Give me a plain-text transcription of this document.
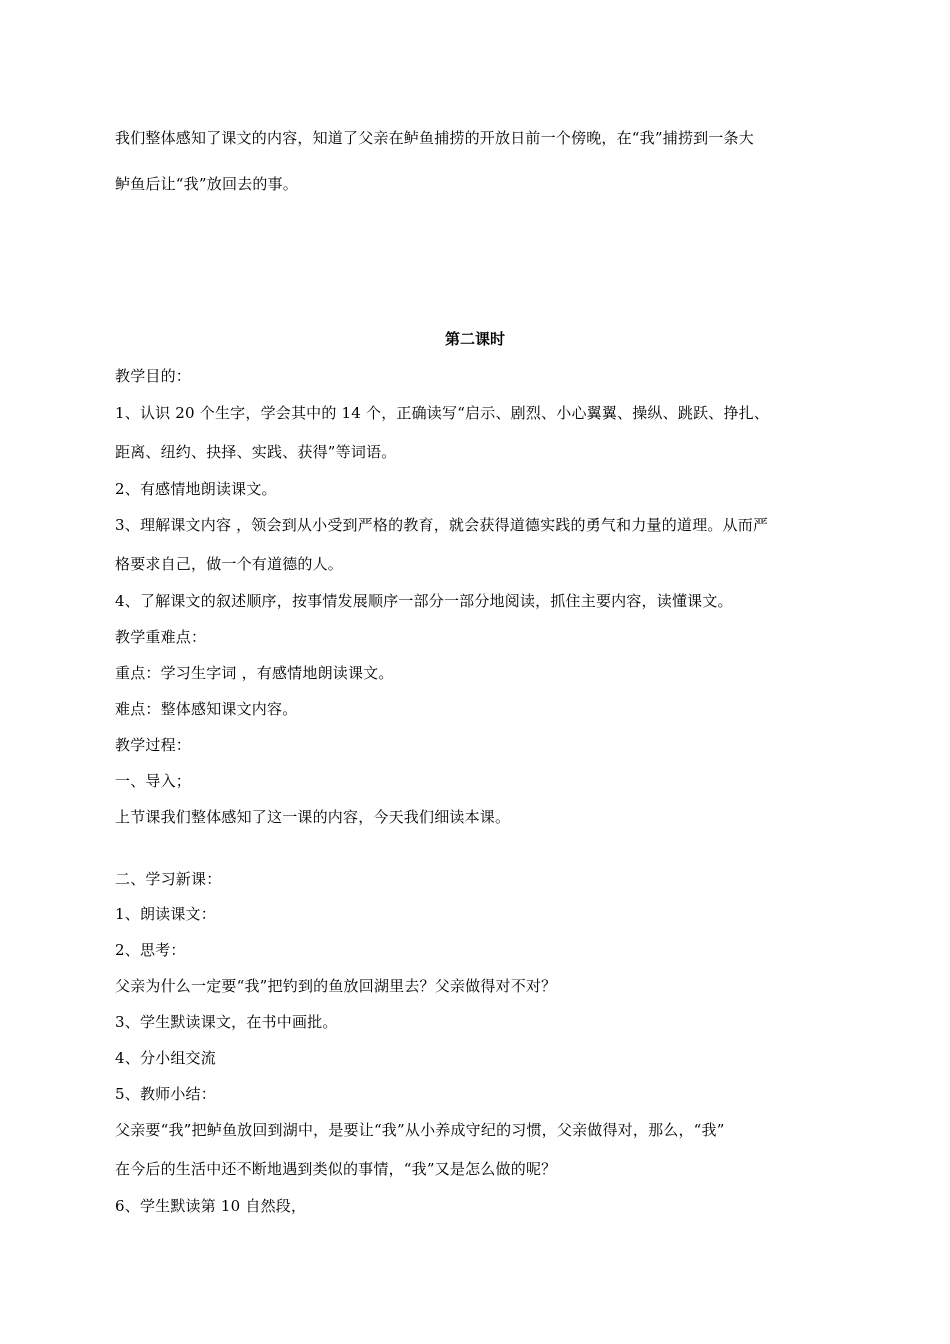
我们整体感知了课文的内容，知道了父亲在鲈鱼捕捞的开放日前一个傍晚，在“我”捕捞到一条大
鲈鱼后让“我”放回去的事。
第二课时
教学目的：
1、认识 20 个生字，学会其中的 14 个，正确读写“启示、剧烈、小心翼翼、操纵、跳跃、挣扎、
距离、纽约、抉择、实践、获得”等词语。
2、有感情地朗读课文。
3、理解课文内容 ，领会到从小受到严格的教育，就会获得道德实践的勇气和力量的道理。从而严
格要求自己，做一个有道德的人。
4、了解课文的叙述顺序，按事情发展顺序一部分一部分地阅读，抓住主要内容，读懂课文。
教学重难点：
重点：学习生字词 ，有感情地朗读课文。
难点：整体感知课文内容。
教学过程：
一、导入；
上节课我们整体感知了这一课的内容，今天我们细读本课。
二、学习新课：
1、朗读课文：
2、思考：
父亲为什么一定要“我”把钓到的鱼放回湖里去？父亲做得对不对？
3、学生默读课文，在书中画批。
4、分小组交流
5、教师小结：
父亲要“我”把鲈鱼放回到湖中，是要让“我”从小养成守纪的习惯，父亲做得对，那么，“我”
在今后的生活中还不断地遇到类似的事情，“我”又是怎么做的呢？
6、学生默读第 10 自然段，
